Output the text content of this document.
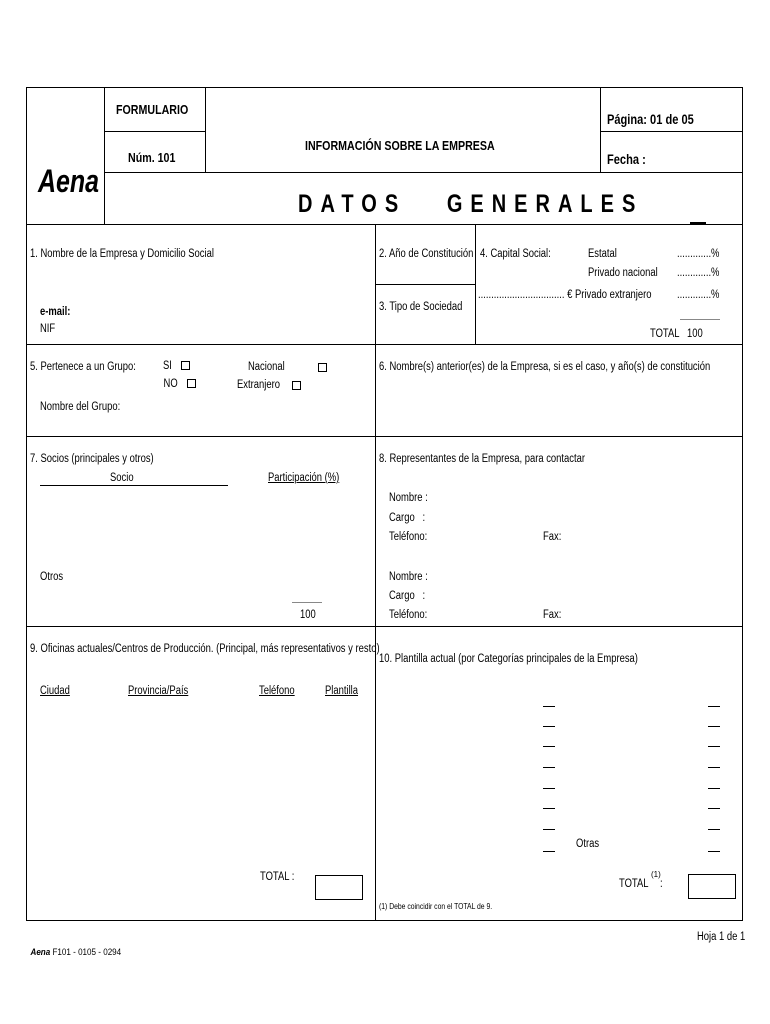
Aena
FORMULARIO
Núm. 101
INFORMACIÓN SOBRE LA EMPRESA
Página: 01 de 05
Fecha :
DATOS   GENERALES
1. Nombre de la Empresa y Domicilio Social
e-mail:
NIF
2. Año de Constitución
3. Tipo de Sociedad
4. Capital Social:
................................. €
Estatal	.............%
Privado nacional .............%
Privado extranjero .............%
TOTAL   100
5. Pertenece a un Grupo: SI
NO
Nacional
Extranjero
Nombre del Grupo:
6. Nombre(s) anterior(es) de la Empresa, si es el caso, y año(s) de constitución
7. Socios (principales y otros)
Socio	Participación (%)
Otros
100
8. Representantes de la Empresa, para contactar
Nombre :
Cargo   :
Teléfono:	Fax:
Nombre :
Cargo   :
Teléfono:	Fax:
9. Oficinas actuales/Centros de Producción. (Principal, más representativos y resto)
Ciudad	Provincia/País	Teléfono	Plantilla
TOTAL :
10. Plantilla actual (por Categorías principales de la Empresa)
Otras
TOTAL
(1)
:
(1) Debe coincidir con el TOTAL de 9.

Aena F101 - 0105 - 0294

Hoja 1 de 1
